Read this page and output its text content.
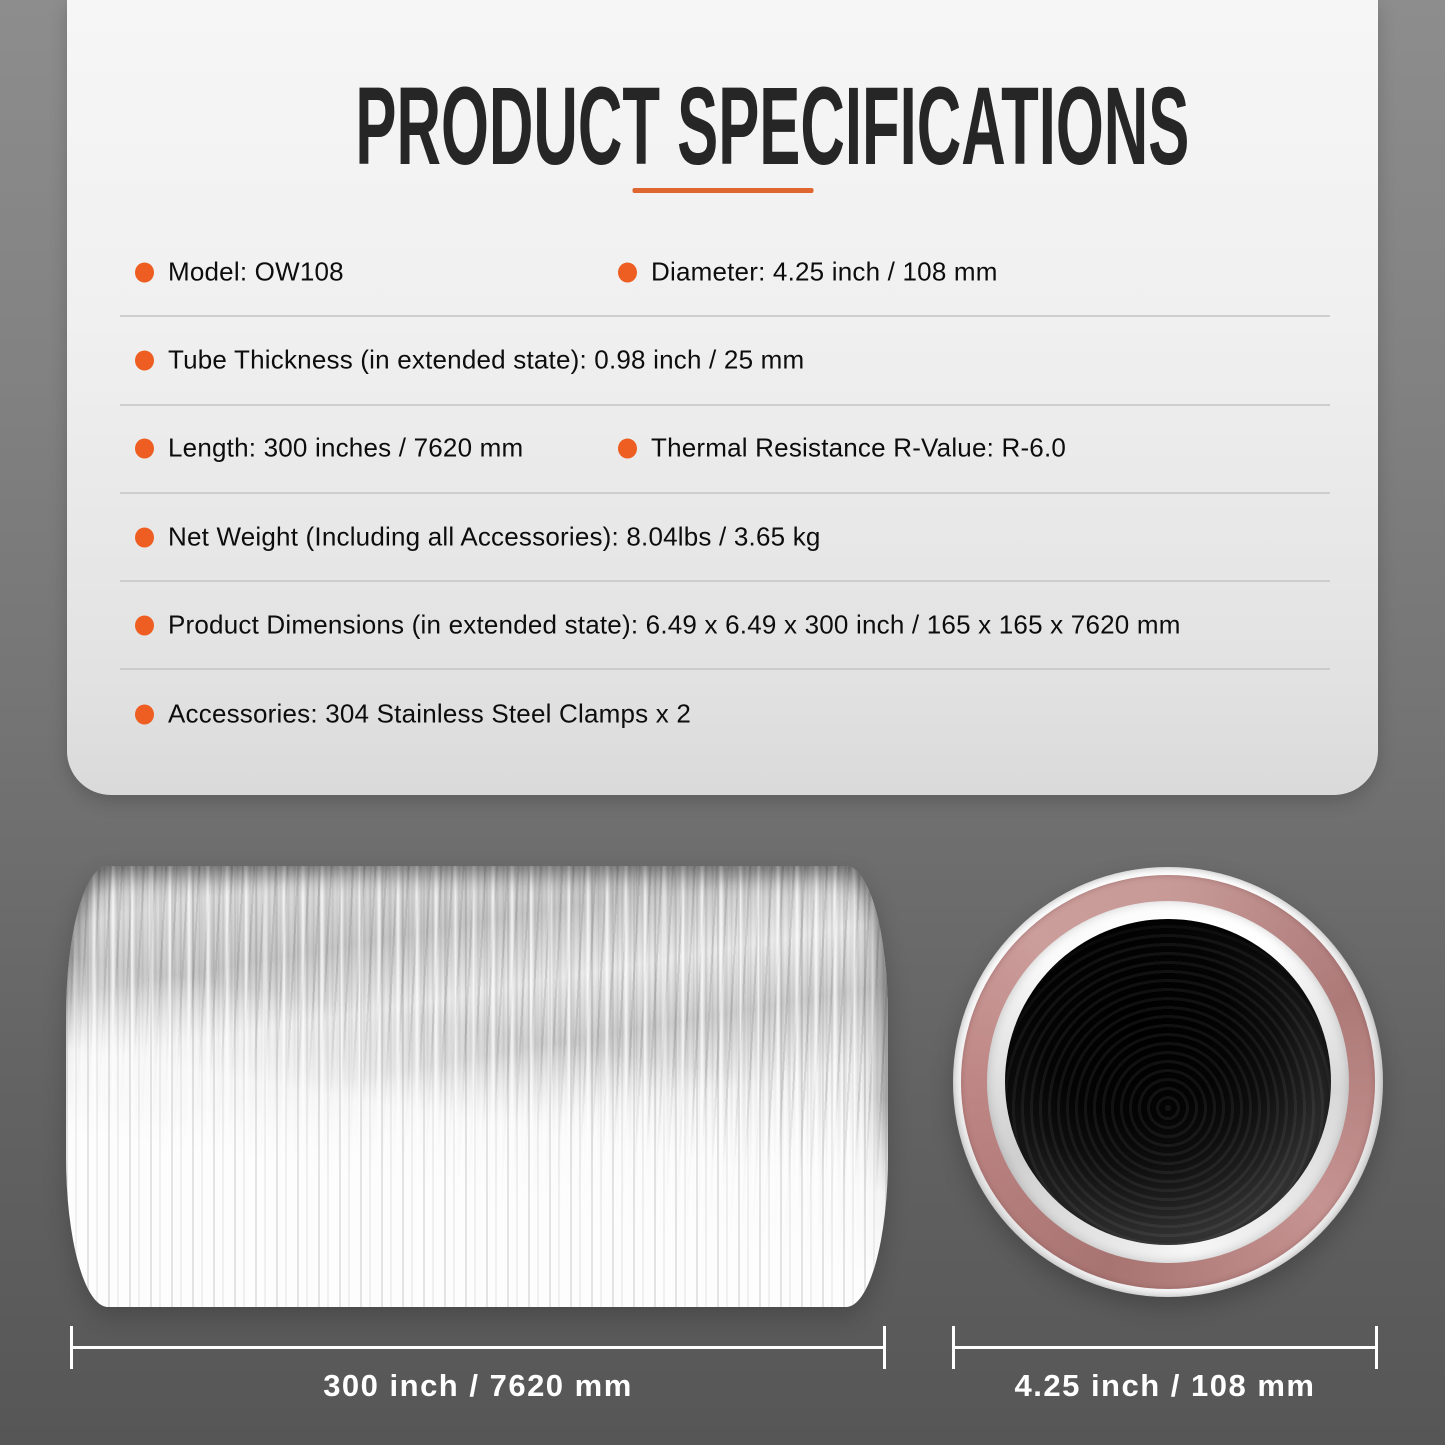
PRODUCT SPECIFICATIONS
Model: OW108	Diameter: 4.25 inch / 108 mm
Tube Thickness (in extended state): 0.98 inch / 25 mm
Length: 300 inches / 7620 mm	Thermal Resistance R-Value: R-6.0
Net Weight (Including all Accessories): 8.04lbs / 3.65 kg
Product Dimensions (in extended state): 6.49 x 6.49 x 300 inch / 165 x 165 x 7620 mm
Accessories: 304 Stainless Steel Clamps x 2
300 inch / 7620 mm	4.25 inch / 108 mm
